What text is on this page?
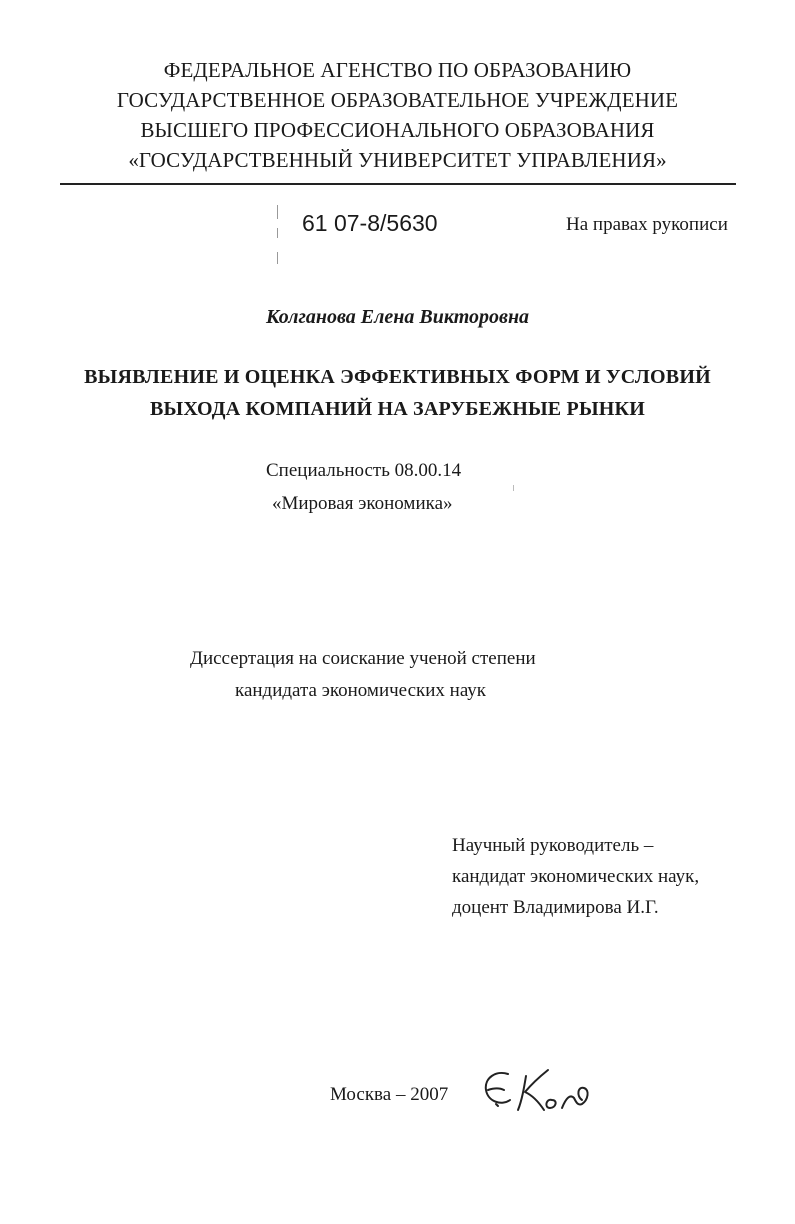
ФЕДЕРАЛЬНОЕ АГЕНСТВО ПО ОБРАЗОВАНИЮ
ГОСУДАРСТВЕННОЕ ОБРАЗОВАТЕЛЬНОЕ УЧРЕЖДЕНИЕ
ВЫСШЕГО ПРОФЕССИОНАЛЬНОГО ОБРАЗОВАНИЯ
«ГОСУДАРСТВЕННЫЙ УНИВЕРСИТЕТ УПРАВЛЕНИЯ»
61 07-8/5630	На правах рукописи
Колганова Елена Викторовна
ВЫЯВЛЕНИЕ И ОЦЕНКА ЭФФЕКТИВНЫХ ФОРМ И УСЛОВИЙ
ВЫХОДА КОМПАНИЙ НА ЗАРУБЕЖНЫЕ РЫНКИ
Специальность 08.00.14
«Мировая экономика»
Диссертация на соискание ученой степени
кандидата экономических наук
Научный руководитель –
кандидат экономических наук,
доцент Владимирова И.Г.
Москва – 2007
